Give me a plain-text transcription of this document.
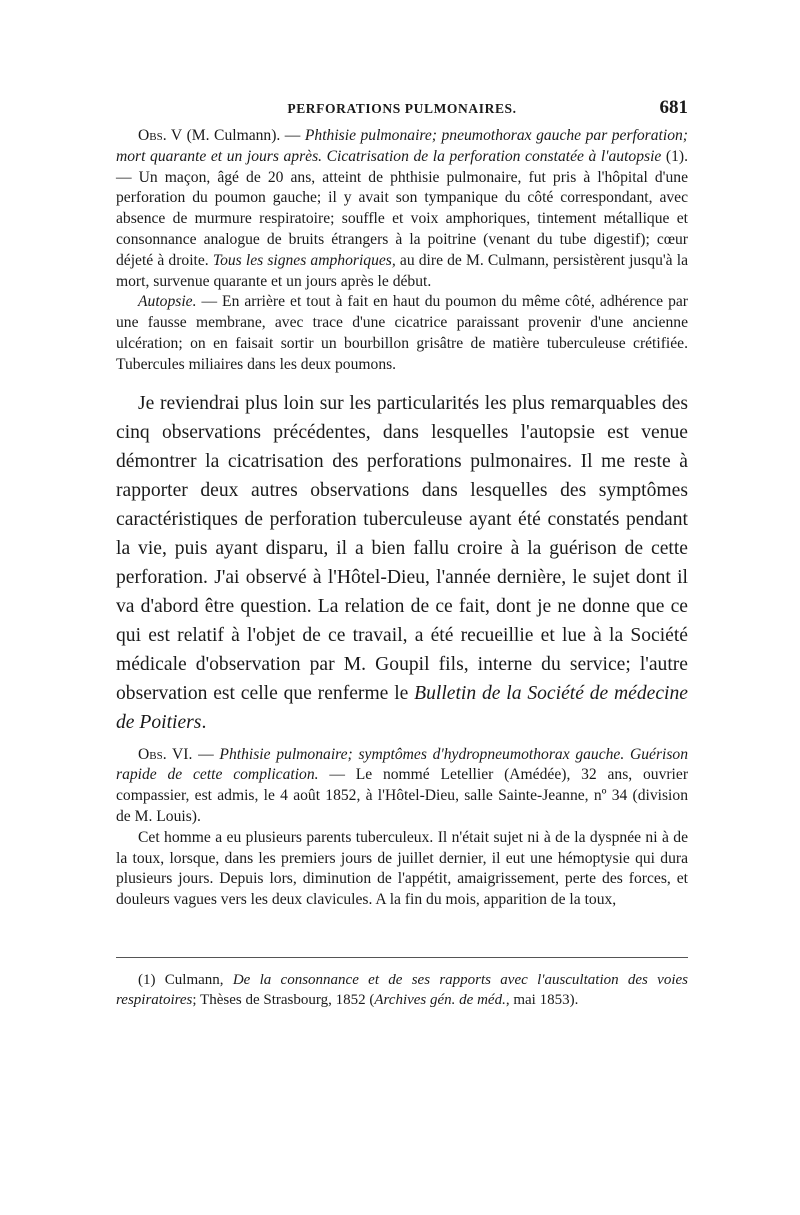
PERFORATIONS PULMONAIRES.	681

Obs. V (M. Culmann). — Phthisie pulmonaire; pneumothorax gauche par perforation; mort quarante et un jours après. Cicatrisation de la perforation constatée à l'autopsie (1). — Un maçon, âgé de 20 ans, atteint de phthisie pulmonaire, fut pris à l'hôpital d'une perforation du poumon gauche; il y avait son tympanique du côté correspondant, avec absence de murmure respiratoire; souffle et voix amphoriques, tintement métallique et consonnance analogue de bruits étrangers à la poitrine (venant du tube digestif); cœur déjeté à droite. Tous les signes amphoriques, au dire de M. Culmann, persistèrent jusqu'à la mort, survenue quarante et un jours après le début.

Autopsie. — En arrière et tout à fait en haut du poumon du même côté, adhérence par une fausse membrane, avec trace d'une cicatrice paraissant provenir d'une ancienne ulcération; on en faisait sortir un bourbillon grisâtre de matière tuberculeuse crétifiée. Tubercules miliaires dans les deux poumons.

Je reviendrai plus loin sur les particularités les plus remarquables des cinq observations précédentes, dans lesquelles l'autopsie est venue démontrer la cicatrisation des perforations pulmonaires. Il me reste à rapporter deux autres observations dans lesquelles des symptômes caractéristiques de perforation tuberculeuse ayant été constatés pendant la vie, puis ayant disparu, il a bien fallu croire à la guérison de cette perforation. J'ai observé à l'Hôtel-Dieu, l'année dernière, le sujet dont il va d'abord être question. La relation de ce fait, dont je ne donne que ce qui est relatif à l'objet de ce travail, a été recueillie et lue à la Société médicale d'observation par M. Goupil fils, interne du service; l'autre observation est celle que renferme le Bulletin de la Société de médecine de Poitiers.

Obs. VI. — Phthisie pulmonaire; symptômes d'hydropneumothorax gauche. Guérison rapide de cette complication. — Le nommé Letellier (Amédée), 32 ans, ouvrier compassier, est admis, le 4 août 1852, à l'Hôtel-Dieu, salle Sainte-Jeanne, nº 34 (division de M. Louis).

Cet homme a eu plusieurs parents tuberculeux. Il n'était sujet ni à de la dyspnée ni à de la toux, lorsque, dans les premiers jours de juillet dernier, il eut une hémoptysie qui dura plusieurs jours. Depuis lors, diminution de l'appétit, amaigrissement, perte des forces, et douleurs vagues vers les deux clavicules. A la fin du mois, apparition de la toux,

(1) Culmann, De la consonnance et de ses rapports avec l'auscultation des voies respiratoires; Thèses de Strasbourg, 1852 (Archives gén. de méd., mai 1853).
